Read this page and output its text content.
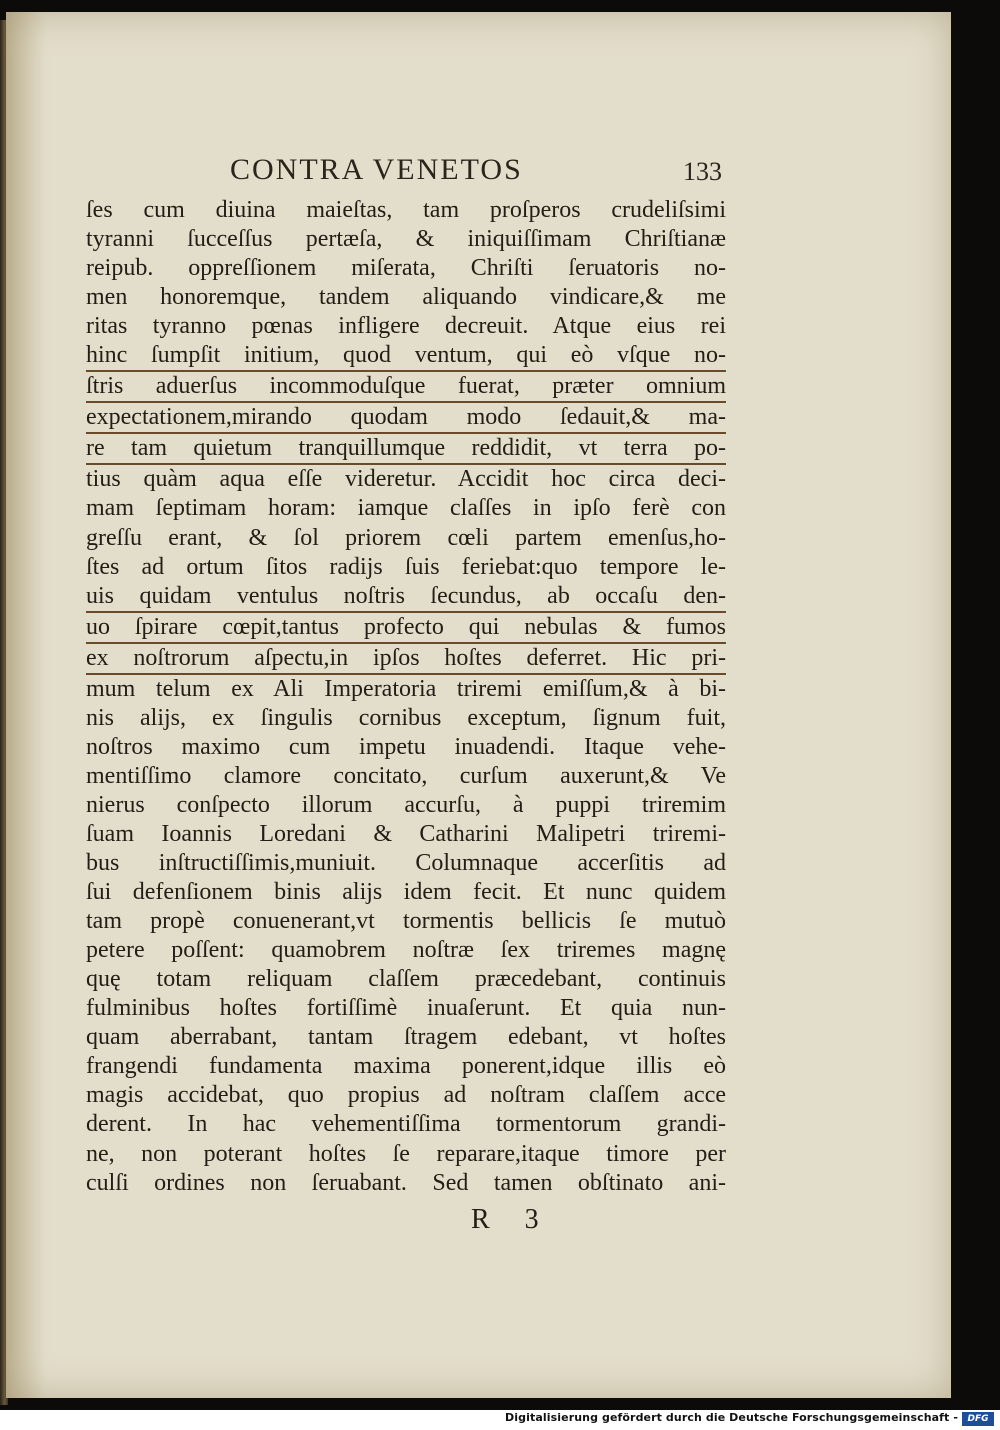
CONTRA VENETOS	133
ſes cum diuina maieſtas, tam proſperos crudeliſsimi
tyranni ſucceſſus pertæſa, & iniquiſſimam Chriſtianæ
reipub. oppreſſionem miſerata, Chriſti ſeruatoris no-
men honoremque, tandem aliquando vindicare,& me
ritas tyranno pœnas infligere decreuit. Atque eius rei
hinc ſumpſit initium, quod ventum, qui eò vſque no-
ſtris aduerſus incommoduſque fuerat, præter omnium
expectationem,mirando quodam modo ſedauit,& ma-
re tam quietum tranquillumque reddidit, vt terra po-
tius quàm aqua eſſe videretur. Accidit hoc circa deci-
mam ſeptimam horam: iamque claſſes in ipſo ferè con
greſſu erant, & ſol priorem cœli partem emenſus,ho-
ſtes ad ortum ſitos radijs ſuis feriebat:quo tempore le-
uis quidam ventulus noſtris ſecundus, ab occaſu den-
uo ſpirare cœpit,tantus profecto qui nebulas & fumos
ex noſtrorum aſpectu,in ipſos hoſtes deferret. Hic pri-
mum telum ex Ali Imperatoria triremi emiſſum,& à bi-
nis alijs, ex ſingulis cornibus exceptum, ſignum fuit,
noſtros maximo cum impetu inuadendi. Itaque vehe-
mentiſſimo clamore concitato, curſum auxerunt,& Ve
nierus conſpecto illorum accurſu, à puppi triremim
ſuam Ioannis Loredani & Catharini Malipetri triremi-
bus inſtructiſſimis,muniuit. Columnaque accerſitis ad
ſui defenſionem binis alijs idem fecit. Et nunc quidem
tam propè conuenerant,vt tormentis bellicis ſe mutuò
petere poſſent: quamobrem noſtræ ſex triremes magnę
quę totam reliquam claſſem præcedebant, continuis
fulminibus hoſtes fortiſſimè inuaſerunt. Et quia nun-
quam aberrabant, tantam ſtragem edebant, vt hoſtes
frangendi fundamenta maxima ponerent,idque illis eò
magis accidebat, quo propius ad noſtram claſſem acce
derent. In hac vehementiſſima tormentorum grandi-
ne, non poterant hoſtes ſe reparare,itaque timore per
culſi ordines non ſeruabant. Sed tamen obſtinato ani-
R 3
Digitalisierung gefördert durch die Deutsche Forschungsgemeinschaft -	DFG
